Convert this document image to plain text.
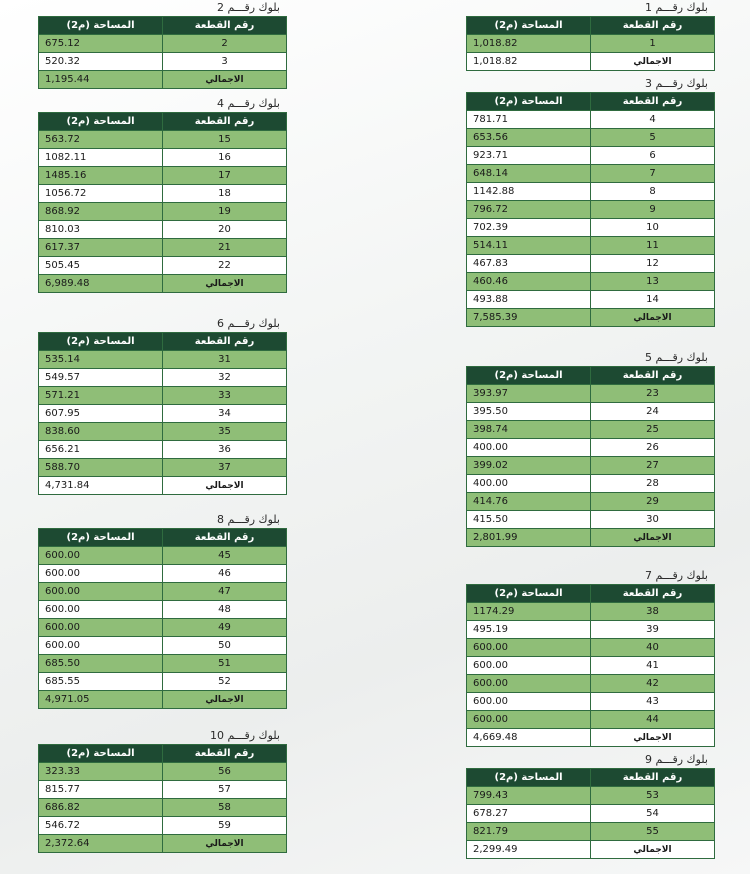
بلوك رقـــم 2
المساحة (م2)	رقم القطعة
675.12	2
520.32	3
1,195.44	الاجمالي
بلوك رقـــم 1
المساحة (م2)	رقم القطعة
1,018.82	1
1,018.82	الاجمالي
بلوك رقـــم 4
المساحة (م2)	رقم القطعة
563.72	15
1082.11	16
1485.16	17
1056.72	18
868.92	19
810.03	20
617.37	21
505.45	22
6,989.48	الاجمالي
بلوك رقـــم 3
المساحة (م2)	رقم القطعة
781.71	4
653.56	5
923.71	6
648.14	7
1142.88	8
796.72	9
702.39	10
514.11	11
467.83	12
460.46	13
493.88	14
7,585.39	الاجمالي
بلوك رقـــم 6
المساحة (م2)	رقم القطعة
535.14	31
549.57	32
571.21	33
607.95	34
838.60	35
656.21	36
588.70	37
4,731.84	الاجمالي
بلوك رقـــم 5
المساحة (م2)	رقم القطعة
393.97	23
395.50	24
398.74	25
400.00	26
399.02	27
400.00	28
414.76	29
415.50	30
2,801.99	الاجمالي
بلوك رقـــم 8
المساحة (م2)	رقم القطعة
600.00	45
600.00	46
600.00	47
600.00	48
600.00	49
600.00	50
685.50	51
685.55	52
4,971.05	الاجمالي
بلوك رقـــم 7
المساحة (م2)	رقم القطعة
1174.29	38
495.19	39
600.00	40
600.00	41
600.00	42
600.00	43
600.00	44
4,669.48	الاجمالي
بلوك رقـــم 10
المساحة (م2)	رقم القطعة
323.33	56
815.77	57
686.82	58
546.72	59
2,372.64	الاجمالي
بلوك رقـــم 9
المساحة (م2)	رقم القطعة
799.43	53
678.27	54
821.79	55
2,299.49	الاجمالي
